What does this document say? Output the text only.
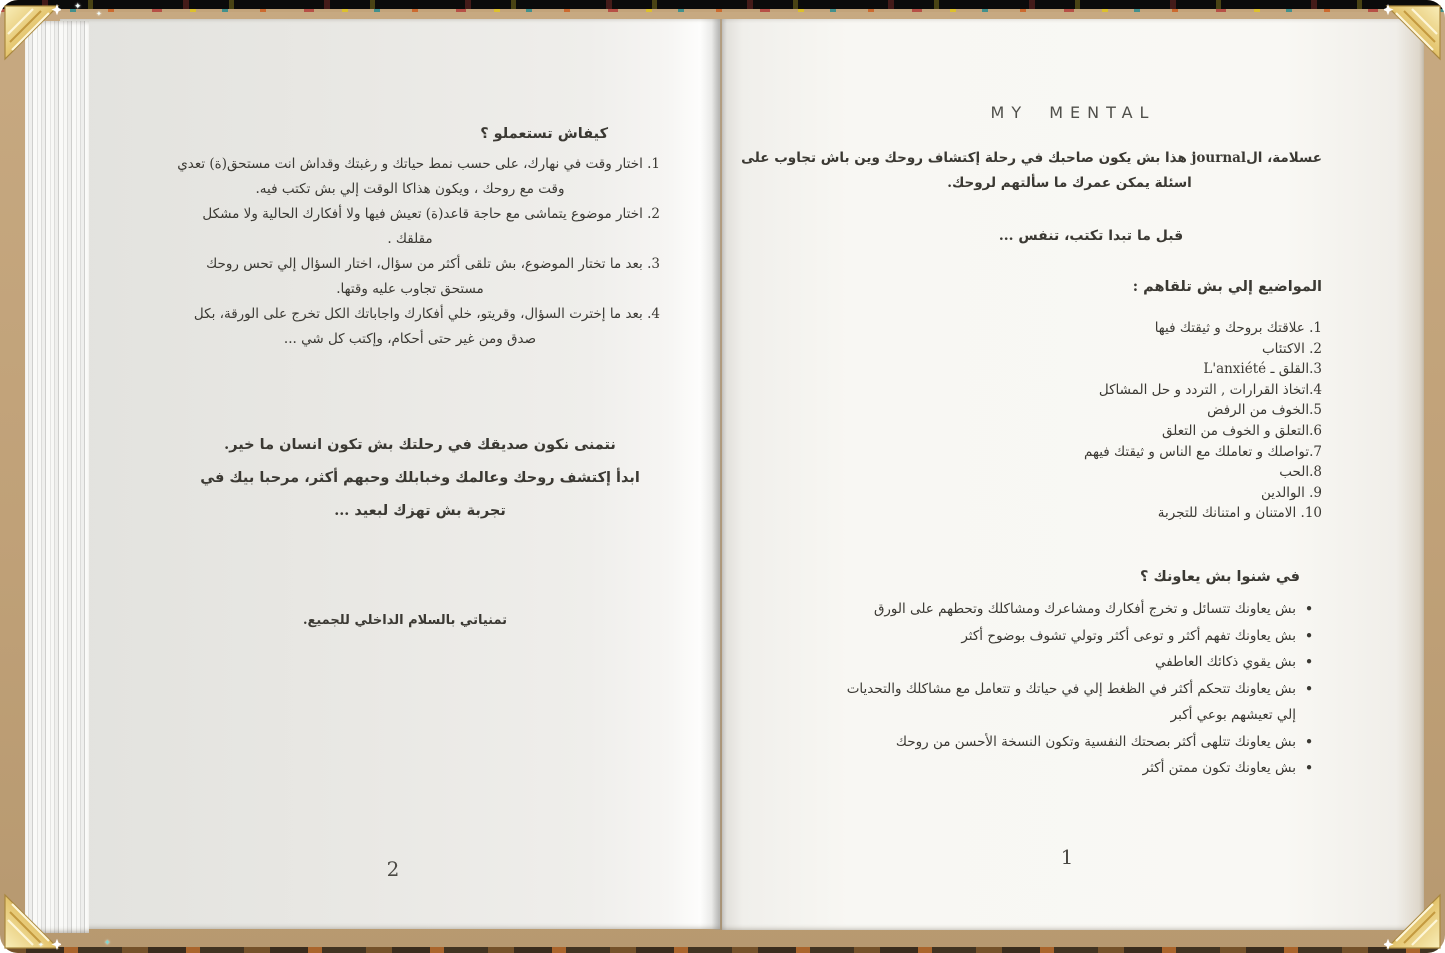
كيفاش تستعملو ؟
1. اختار وقت في نهارك، على حسب نمط حياتك و رغبتك وقداش انت مستحق(ة) تعدي
وقت مع روحك ، ويكون هذاكا الوقت إلي بش تكتب فيه.
2. اختار موضوع يتماشى مع حاجة قاعد(ة) تعيش فيها ولا أفكارك الحالية ولا مشكل
مقلقك .
3. بعد ما تختار الموضوع، بش تلقى أكثر من سؤال، اختار السؤال إلي تحس روحك
مستحق تجاوب عليه وقتها.
4. بعد ما إخترت السؤال، وقريتو، خلي أفكارك واجاباتك الكل تخرج على الورقة، بكل
صدق ومن غير حتى أحكام، وإكتب كل شي ...
نتمنى نكون صديقك في رحلتك بش تكون انسان ما خير.
ابدأ إكتشف روحك وعالمك وخبابلك وحبهم أكثر، مرحبا بيك في
تجربة بش تهزك لبعيد ...
تمنياتي بالسلام الداخلي للجميع.
2
MY MENTAL
عسلامة، الjournal هذا بش يكون صاحبك في رحلة إكتشاف روحك وين باش تجاوب على
اسئلة يمكن عمرك ما سألتهم لروحك.
قبل ما تبدا تكتب، تنفس ...
المواضيع إلي بش تلقاهم :
1. علاقتك بروحك و ثيقتك فيها
2. الاكتئاب
3.القلق ـ L'anxiété
4.اتخاذ القرارات , التردد و حل المشاكل
5.الخوف من الرفض
6.التعلق و الخوف من التعلق
7.تواصلك و تعاملك مع الناس و ثيقتك فيهم
8.الحب
9. الوالدين
10. الامتنان و امتنانك للتجربة
في شنوا بش يعاونك ؟
•
بش يعاونك تتسائل و تخرج أفكارك ومشاعرك ومشاكلك وتحطهم على الورق
•
بش يعاونك تفهم أكثر و توعى أكثر وتولي تشوف بوضوح أكثر
•
بش يقوي ذكائك العاطفي
•
بش يعاونك تتحكم أكثر في الظغط إلي في حياتك و تتعامل مع مشاكلك والتحديات إلي تعيشهم بوعي أكبر
•
بش يعاونك تتلهى أكثر بصحتك النفسية وتكون النسخة الأحسن من روحك
•
بش يعاونك تكون ممتن أكثر
1
✦
✦
✦
✦
